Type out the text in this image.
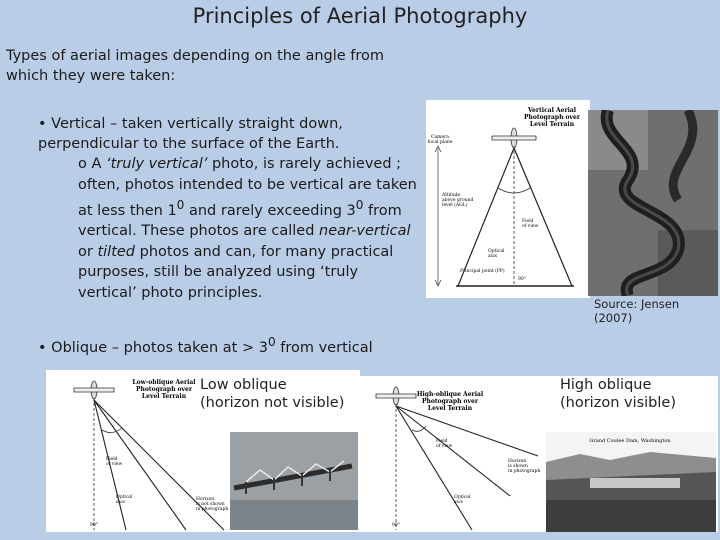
Principles of Aerial Photography
Types of aerial images depending on the angle from which they were taken:
• Vertical – taken vertically straight down, perpendicular to the surface of the Earth.
o A ‘truly vertical’ photo, is rarely achieved ; often, photos intended to be vertical are taken at less then $1^0$ and rarely exceeding $3^0$ from vertical. These photos are called near-vertical or tilted photos and can, for many practical purposes, still be analyzed using ‘truly vertical’ photo principles.
• Oblique – photos taken at > $3^0$ from vertical
Vertical Aerial
Photograph over
Level Terrain
Camera
focal plane
Altitude
above ground
level (AGL)
Field
of view
Optical
axis
Principal point (PP)
90°
Source: Jensen (2007)
Low-oblique Aerial
Photograph over
Level Terrain
Field
of view
Optical
axis
Horizon
is not shown
in photograph
90°
High-oblique Aerial
Photograph over
Level Terrain
Field
of view
Horizon
is shown
in photograph
Optical
axis
90°
Grand Coulee Dam, Washington
Low oblique
(horizon not visible)
High oblique
(horizon visible)
